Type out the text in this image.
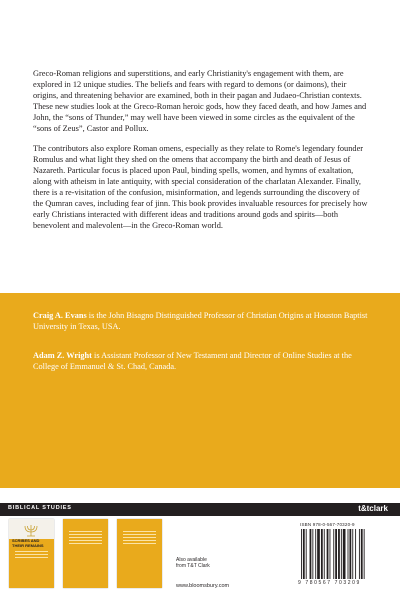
Greco-Roman religions and superstitions, and early Christianity's engagement with them, are explored in 12 unique studies. The beliefs and fears with regard to demons (or daimons), their origins, and threatening behavior are examined, both in their pagan and Judaeo-Christian contexts. These new studies look at the Greco-Roman heroic gods, how they faced death, and how James and John, the “sons of Thunder,” may well have been viewed in some circles as the equivalent of the “sons of Zeus”, Castor and Pollux.

The contributors also explore Roman omens, especially as they relate to Rome's legendary founder Romulus and what light they shed on the omens that accompany the birth and death of Jesus of Nazareth. Particular focus is placed upon Paul, binding spells, women, and hymns of exaltation, along with atheism in late antiquity, with special consideration of the charlatan Alexander. Finally, there is a re-visitation of the confusion, misinformation, and legends surrounding the discovery of the Qumran caves, including fear of jinn. This book provides invaluable resources for precisely how early Christians interacted with different ideas and traditions around gods and spirits—both benevolent and malevolent—in the Greco-Roman world.

Craig A. Evans is the John Bisagno Distinguished Professor of Christian Origins at Houston Baptist University in Texas, USA.
Adam Z. Wright is Assistant Professor of New Testament and Director of Online Studies at the College of Emmanuel & St. Chad, Canada.
BIBLICAL STUDIES	t&tclark
SCRIBES AND
THEIR REMAINS
Also available
from T&T Clark
www.bloomsbury.com
ISBN 978-0-567-70320-9
9 780567 703209
